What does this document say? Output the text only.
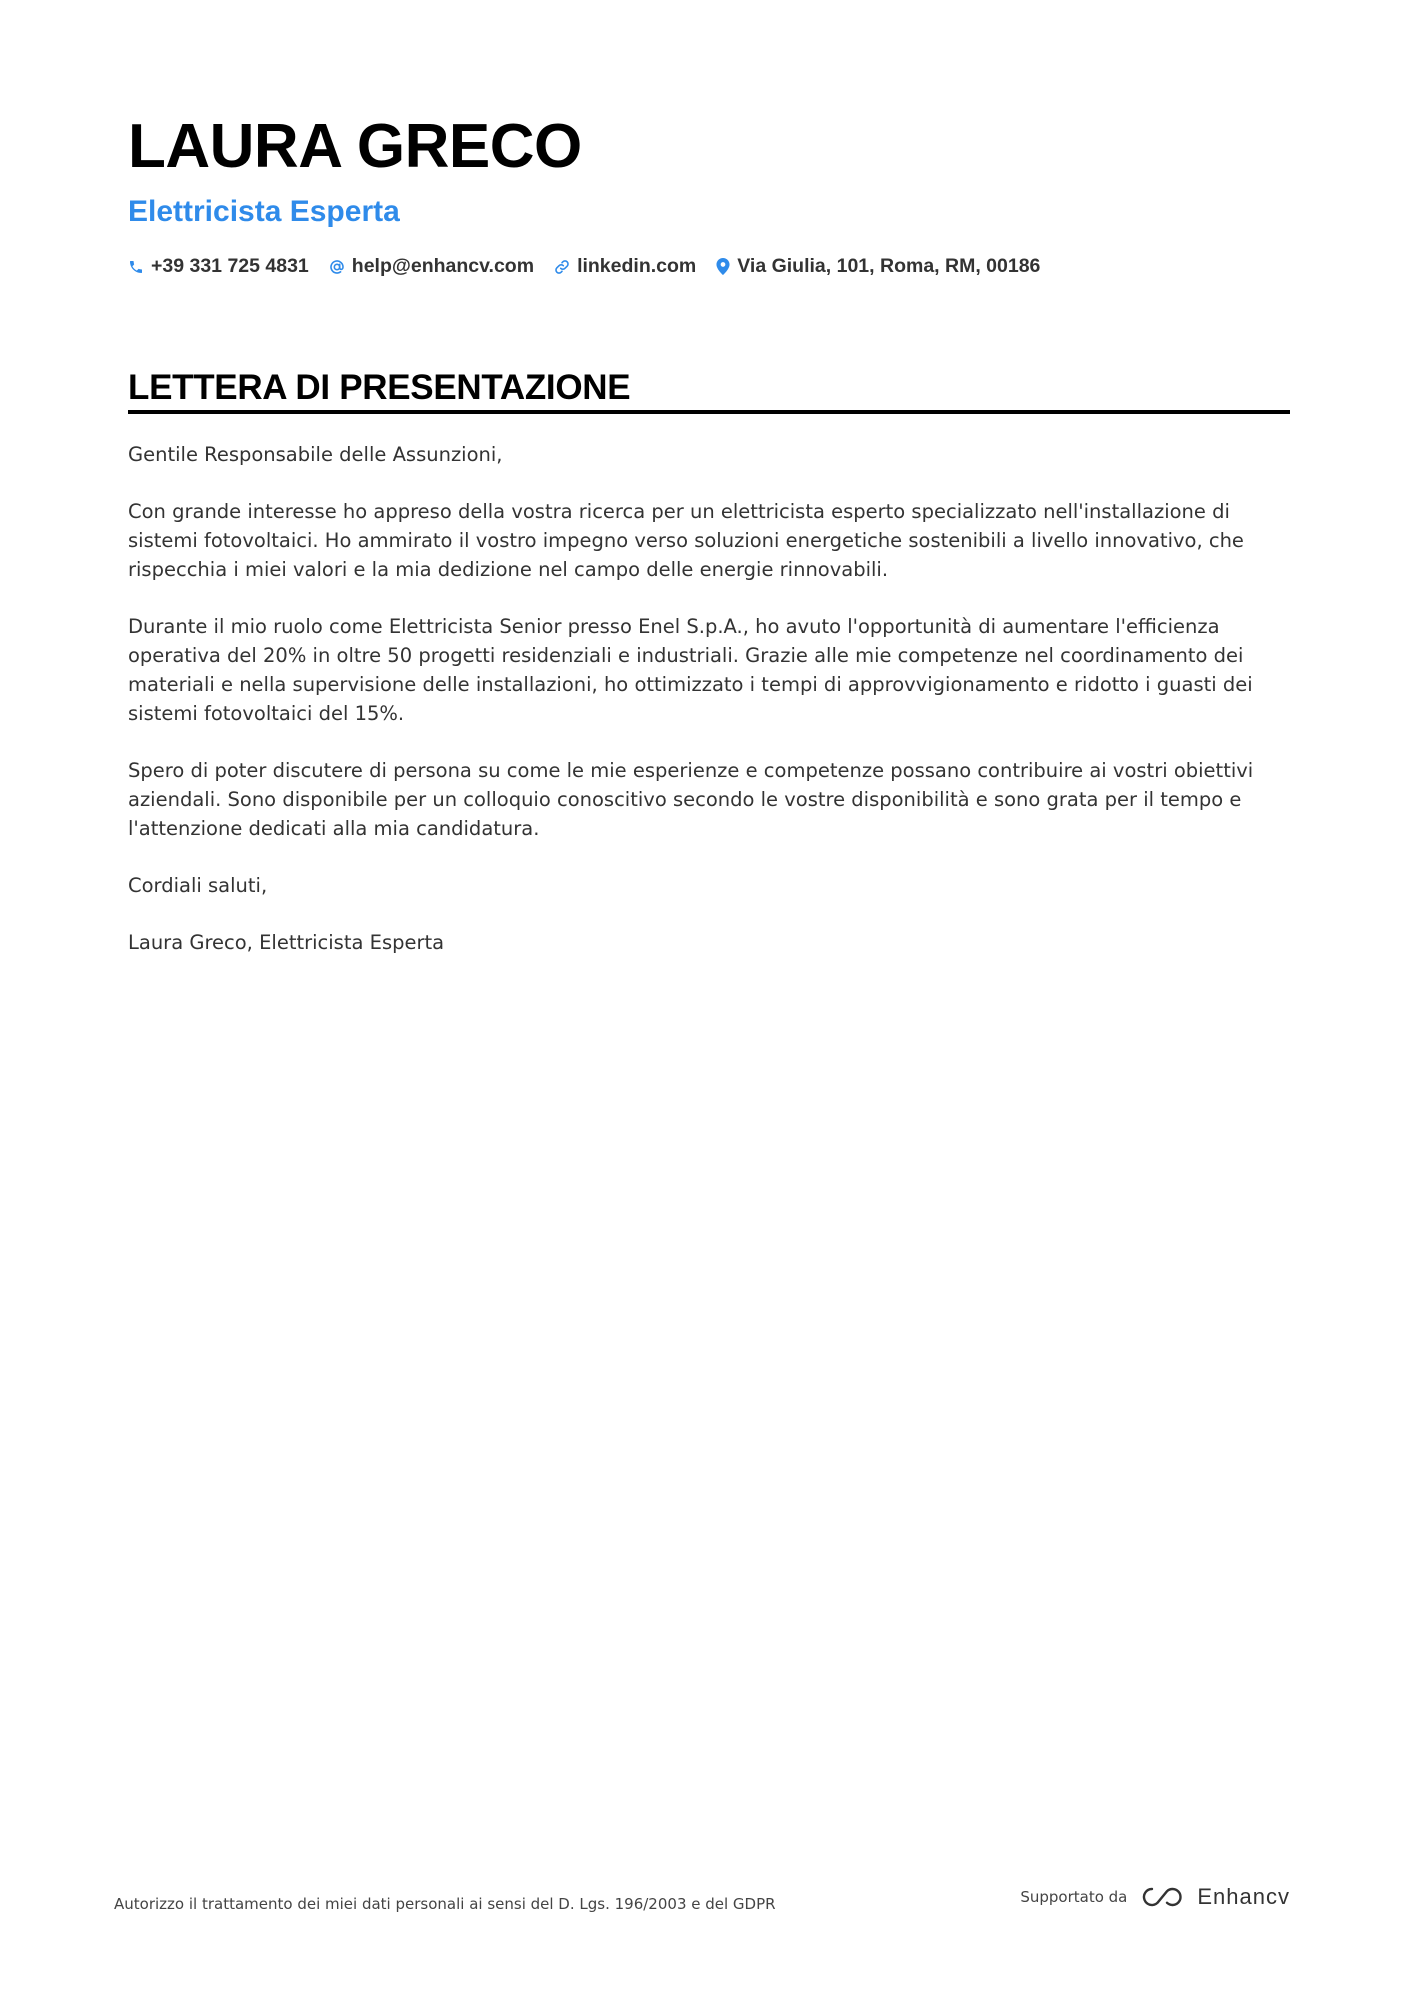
LAURA GRECO
Elettricista Esperta
+39 331 725 4831 help@enhancv.com linkedin.com Via Giulia, 101, Roma, RM, 00186
LETTERA DI PRESENTAZIONE

Gentile Responsabile delle Assunzioni,

Con grande interesse ho appreso della vostra ricerca per un elettricista esperto specializzato nell'installazione di sistemi fotovoltaici. Ho ammirato il vostro impegno verso soluzioni energetiche sostenibili a livello innovativo, che rispecchia i miei valori e la mia dedizione nel campo delle energie rinnovabili.

Durante il mio ruolo come Elettricista Senior presso Enel S.p.A., ho avuto l'opportunità di aumentare l'efficienza operativa del 20% in oltre 50 progetti residenziali e industriali. Grazie alle mie competenze nel coordinamento dei materiali e nella supervisione delle installazioni, ho ottimizzato i tempi di approvvigionamento e ridotto i guasti dei sistemi fotovoltaici del 15%.

Spero di poter discutere di persona su come le mie esperienze e competenze possano contribuire ai vostri obiettivi aziendali. Sono disponibile per un colloquio conoscitivo secondo le vostre disponibilità e sono grata per il tempo e l'attenzione dedicati alla mia candidatura.

Cordiali saluti,

Laura Greco, Elettricista Esperta

Autorizzo il trattamento dei miei dati personali ai sensi del D. Lgs. 196/2003 e del GDPR	Supportato da	Enhancv
